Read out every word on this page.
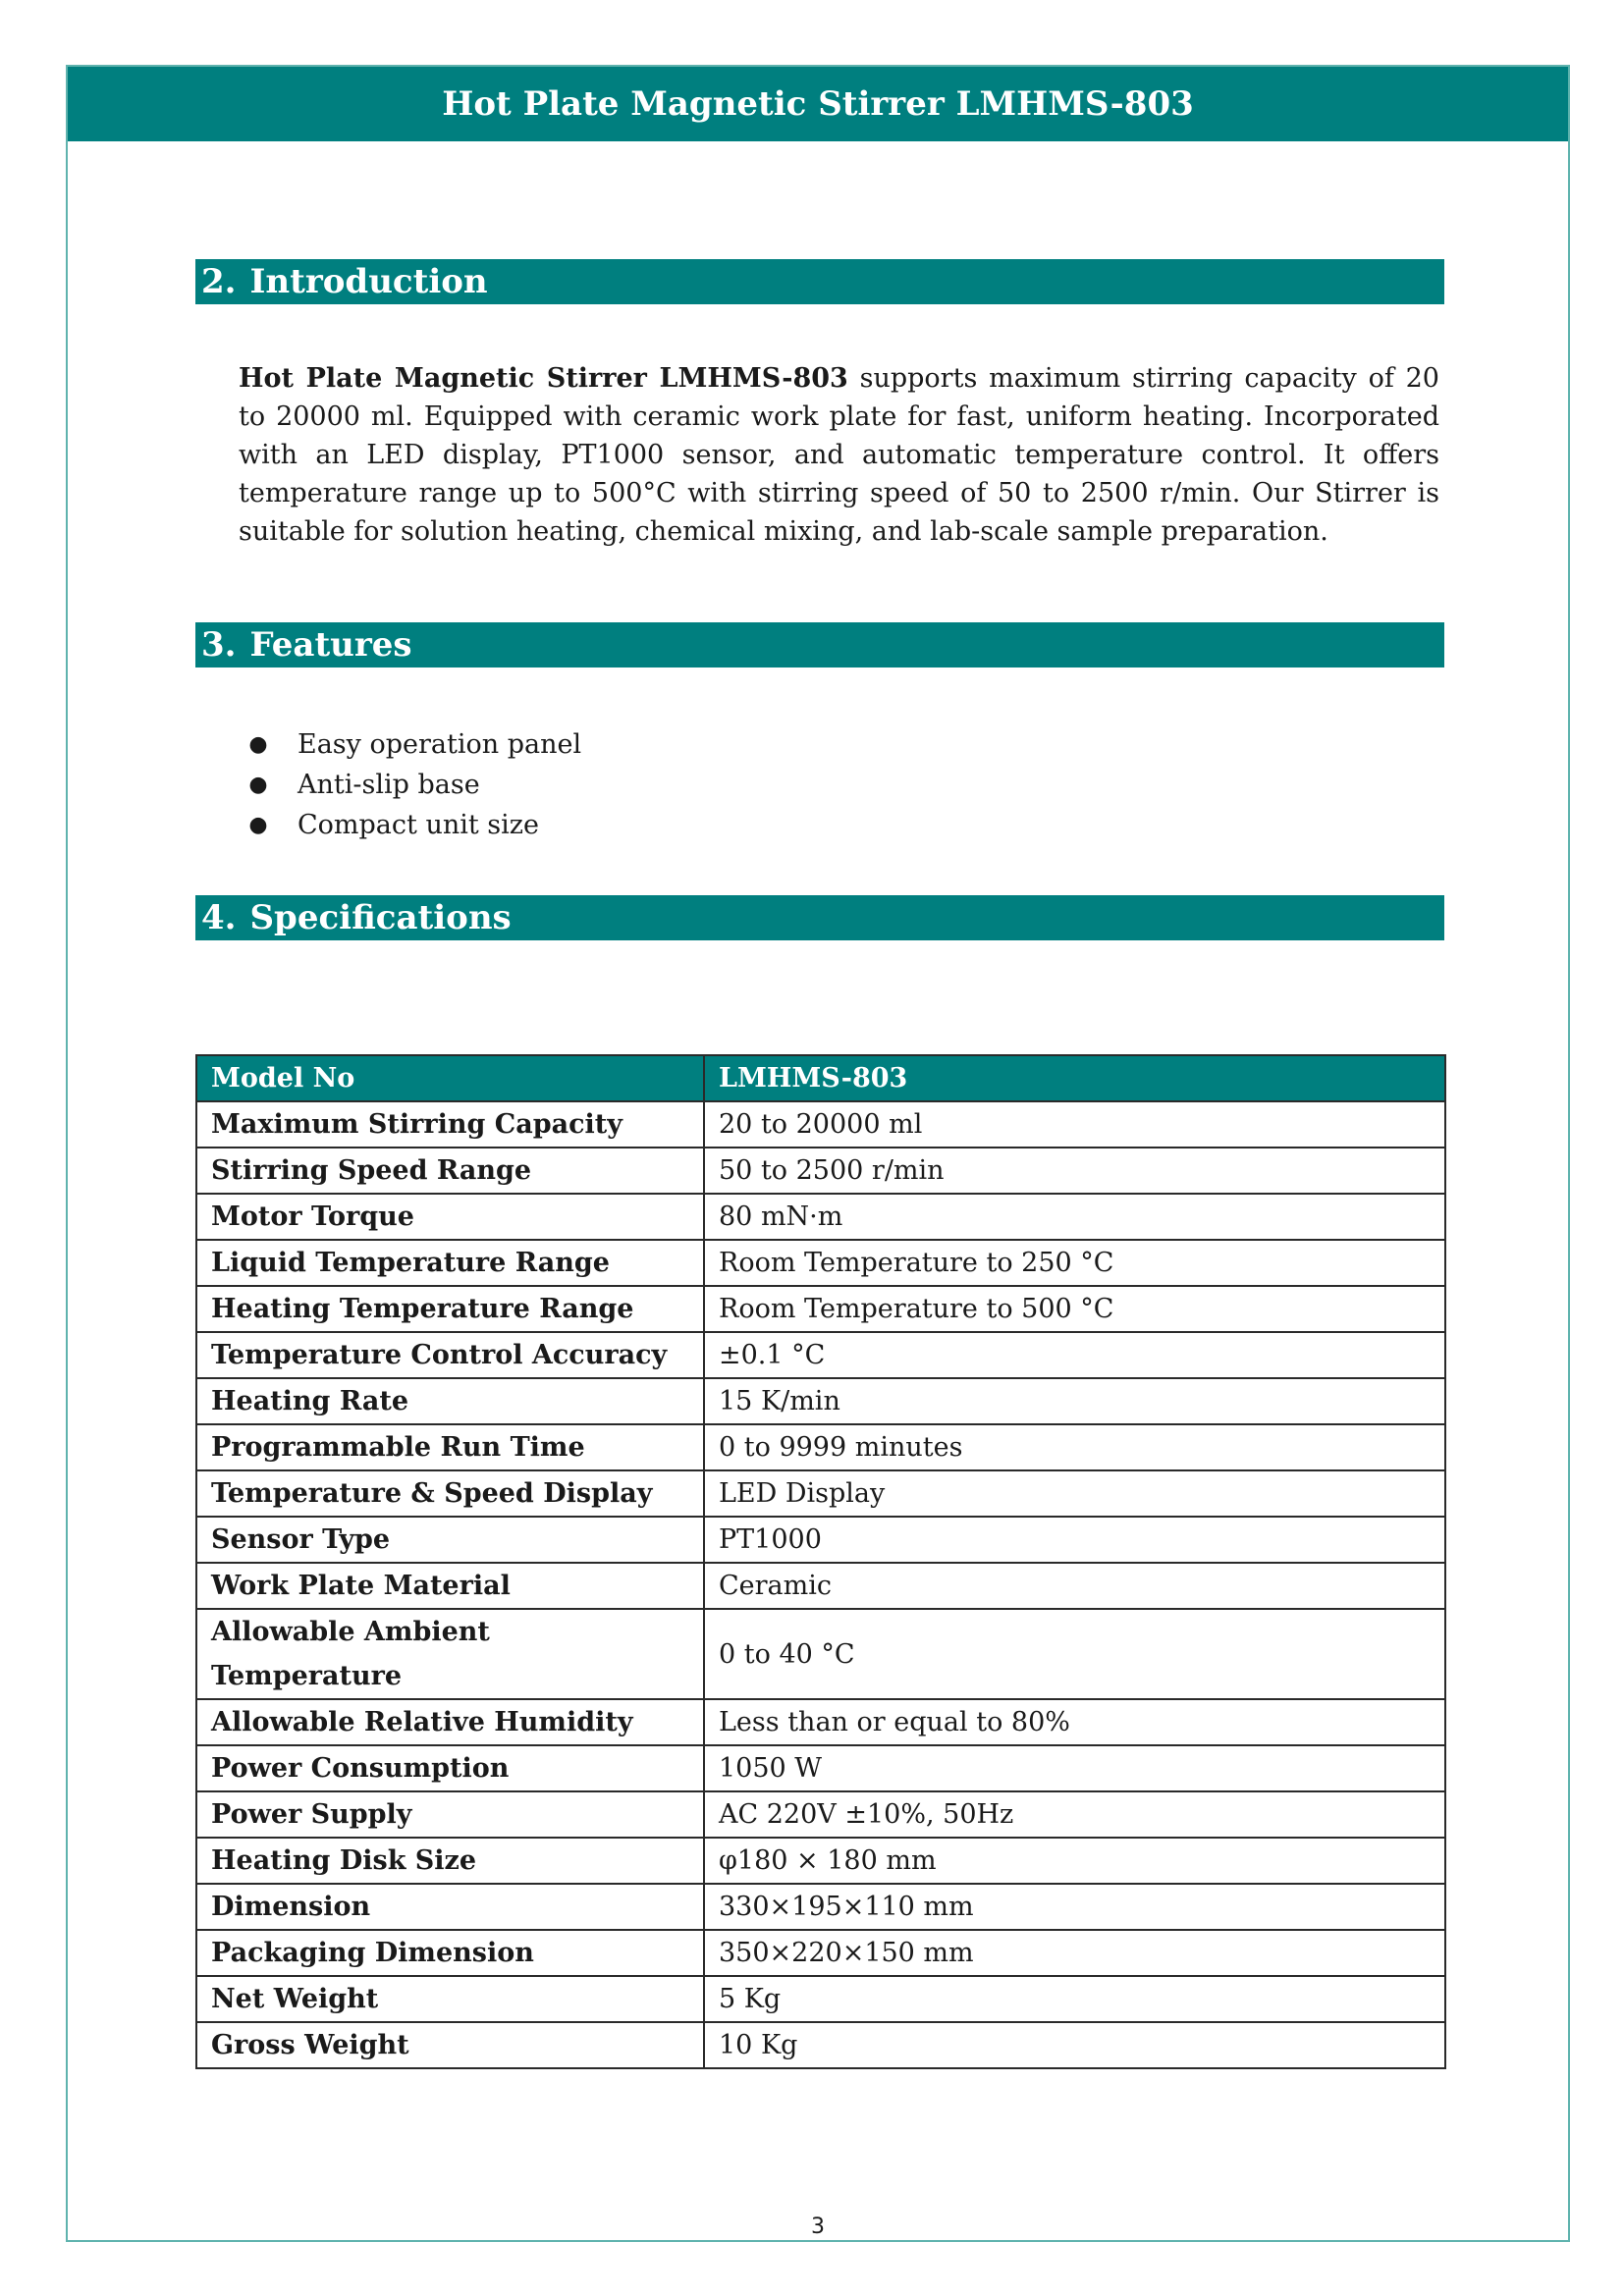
Hot Plate Magnetic Stirrer LMHMS-803
2. Introduction

Hot Plate Magnetic Stirrer LMHMS-803 supports maximum stirring capacity of 20 to 20000 ml. Equipped with ceramic work plate for fast, uniform heating. Incorporated with an LED display, PT1000 sensor, and automatic temperature control. It offers temperature range up to 500°C with stirring speed of 50 to 2500 r/min. Our Stirrer is suitable for solution heating, chemical mixing, and lab-scale sample preparation.

3. Features
● Easy operation panel
● Anti-slip base
● Compact unit size
4. Specifications
Model No	LMHMS-803
Maximum Stirring Capacity	20 to 20000 ml
Stirring Speed Range	50 to 2500 r/min
Motor Torque	80 mN·m
Liquid Temperature Range	Room Temperature to 250 °C
Heating Temperature Range	Room Temperature to 500 °C
Temperature Control Accuracy	±0.1 °C
Heating Rate	15 K/min
Programmable Run Time	0 to 9999 minutes
Temperature & Speed Display	LED Display
Sensor Type	PT1000
Work Plate Material	Ceramic
Allowable Ambient Temperature	0 to 40 °C
Allowable Relative Humidity	Less than or equal to 80%
Power Consumption	1050 W
Power Supply	AC 220V ±10%, 50Hz
Heating Disk Size	φ180 × 180 mm
Dimension	330×195×110 mm
Packaging Dimension	350×220×150 mm
Net Weight	5 Kg
Gross Weight	10 Kg
3
